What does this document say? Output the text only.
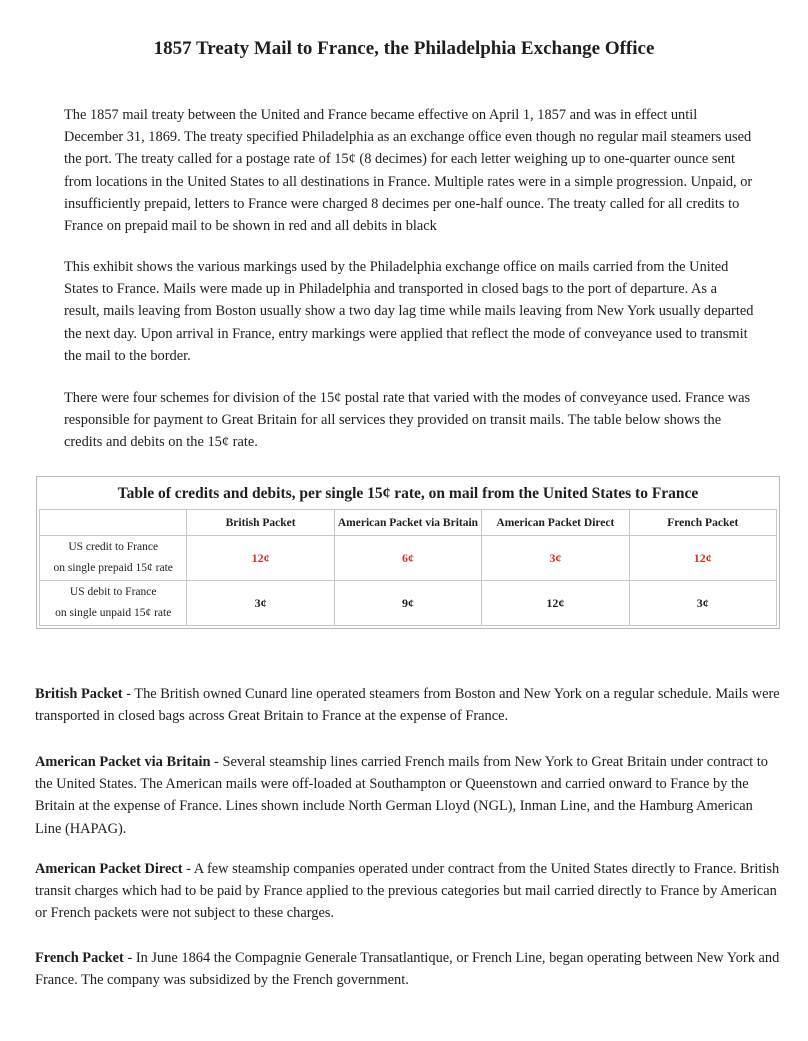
1857 Treaty Mail to France, the Philadelphia Exchange Office

The 1857 mail treaty between the United and France became effective on April 1, 1857 and was in effect until December 31, 1869. The treaty specified Philadelphia as an exchange office even though no regular mail steamers used the port. The treaty called for a postage rate of 15¢ (8 decimes) for each letter weighing up to one-quarter ounce sent from locations in the United States to all destinations in France. Multiple rates were in a simple progression. Unpaid, or insufficiently prepaid, letters to France were charged 8 decimes per one-half ounce. The treaty called for all credits to France on prepaid mail to be shown in red and all debits in black

This exhibit shows the various markings used by the Philadelphia exchange office on mails carried from the United States to France. Mails were made up in Philadelphia and transported in closed bags to the port of departure. As a result, mails leaving from Boston usually show a two day lag time while mails leaving from New York usually departed the next day. Upon arrival in France, entry markings were applied that reflect the mode of conveyance used to transmit the mail to the border.

There were four schemes for division of the 15¢ postal rate that varied with the modes of conveyance used. France was responsible for payment to Great Britain for all services they provided on transit mails. The table below shows the credits and debits on the 15¢ rate.

Table of credits and debits, per single 15¢ rate, on mail from the United States to France				
	British Packet	American Packet via Britain	American Packet Direct	French Packet
US credit to France
on single prepaid 15¢ rate	12¢	6¢	3¢	12¢
US debit to France
on single unpaid 15¢ rate	3¢	9¢	12¢	3¢

British Packet - The British owned Cunard line operated steamers from Boston and New York on a regular schedule. Mails were transported in closed bags across Great Britain to France at the expense of France.

American Packet via Britain - Several steamship lines carried French mails from New York to Great Britain under contract to the United States. The American mails were off-loaded at Southampton or Queenstown and carried onward to France by the Britain at the expense of France. Lines shown include North German Lloyd (NGL), Inman Line, and the Hamburg American Line (HAPAG).

American Packet Direct - A few steamship companies operated under contract from the United States directly to France. British transit charges which had to be paid by France applied to the previous categories but mail carried directly to France by American or French packets were not subject to these charges.

French Packet - In June 1864 the Compagnie Generale Transatlantique, or French Line, began operating between New York and France. The company was subsidized by the French government.
